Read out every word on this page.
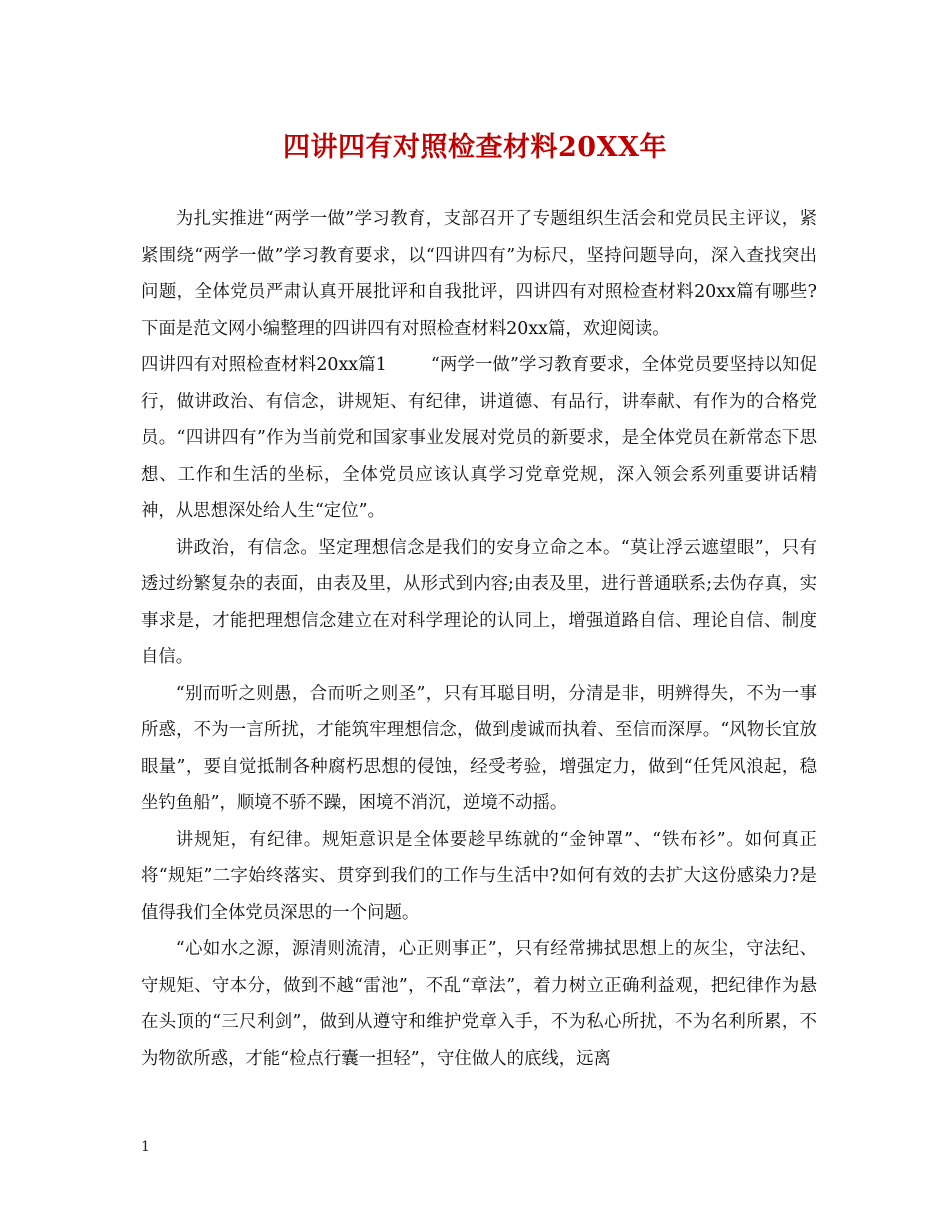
四讲四有对照检查材料20XX年

为扎实推进“两学一做”学习教育，支部召开了专题组织生活会和党员民主评议，紧紧围绕“两学一做”学习教育要求，以“四讲四有”为标尺，坚持问题导向，深入查找突出问题，全体党员严肃认真开展批评和自我批评，四讲四有对照检查材料20xx篇有哪些?下面是范文网小编整理的四讲四有对照检查材料20xx篇，欢迎阅读。

四讲四有对照检查材料20xx篇1	“两学一做”学习教育要求，全体党员要坚持以知促行，做讲政治、有信念，讲规矩、有纪律，讲道德、有品行，讲奉献、有作为的合格党员。“四讲四有”作为当前党和国家事业发展对党员的新要求，是全体党员在新常态下思想、工作和生活的坐标，全体党员应该认真学习党章党规，深入领会系列重要讲话精神，从思想深处给人生“定位”。

讲政治，有信念。坚定理想信念是我们的安身立命之本。“莫让浮云遮望眼”，只有透过纷繁复杂的表面，由表及里，从形式到内容;由表及里，进行普通联系;去伪存真，实事求是，才能把理想信念建立在对科学理论的认同上，增强道路自信、理论自信、制度自信。

“别而听之则愚，合而听之则圣”，只有耳聪目明，分清是非，明辨得失，不为一事所惑，不为一言所扰，才能筑牢理想信念，做到虔诚而执着、至信而深厚。“风物长宜放眼量”，要自觉抵制各种腐朽思想的侵蚀，经受考验，增强定力，做到“任凭风浪起，稳坐钓鱼船”，顺境不骄不躁，困境不消沉，逆境不动摇。

讲规矩，有纪律。规矩意识是全体要趁早练就的“金钟罩”、“铁布衫”。如何真正将“规矩”二字始终落实、贯穿到我们的工作与生活中?如何有效的去扩大这份感染力?是值得我们全体党员深思的一个问题。

“心如水之源，源清则流清，心正则事正”，只有经常拂拭思想上的灰尘，守法纪、守规矩、守本分，做到不越“雷池”，不乱“章法”，着力树立正确利益观，把纪律作为悬在头顶的“三尺利剑”，做到从遵守和维护党章入手，不为私心所扰，不为名利所累，不为物欲所惑，才能“检点行囊一担轻”，守住做人的底线，远离

1
